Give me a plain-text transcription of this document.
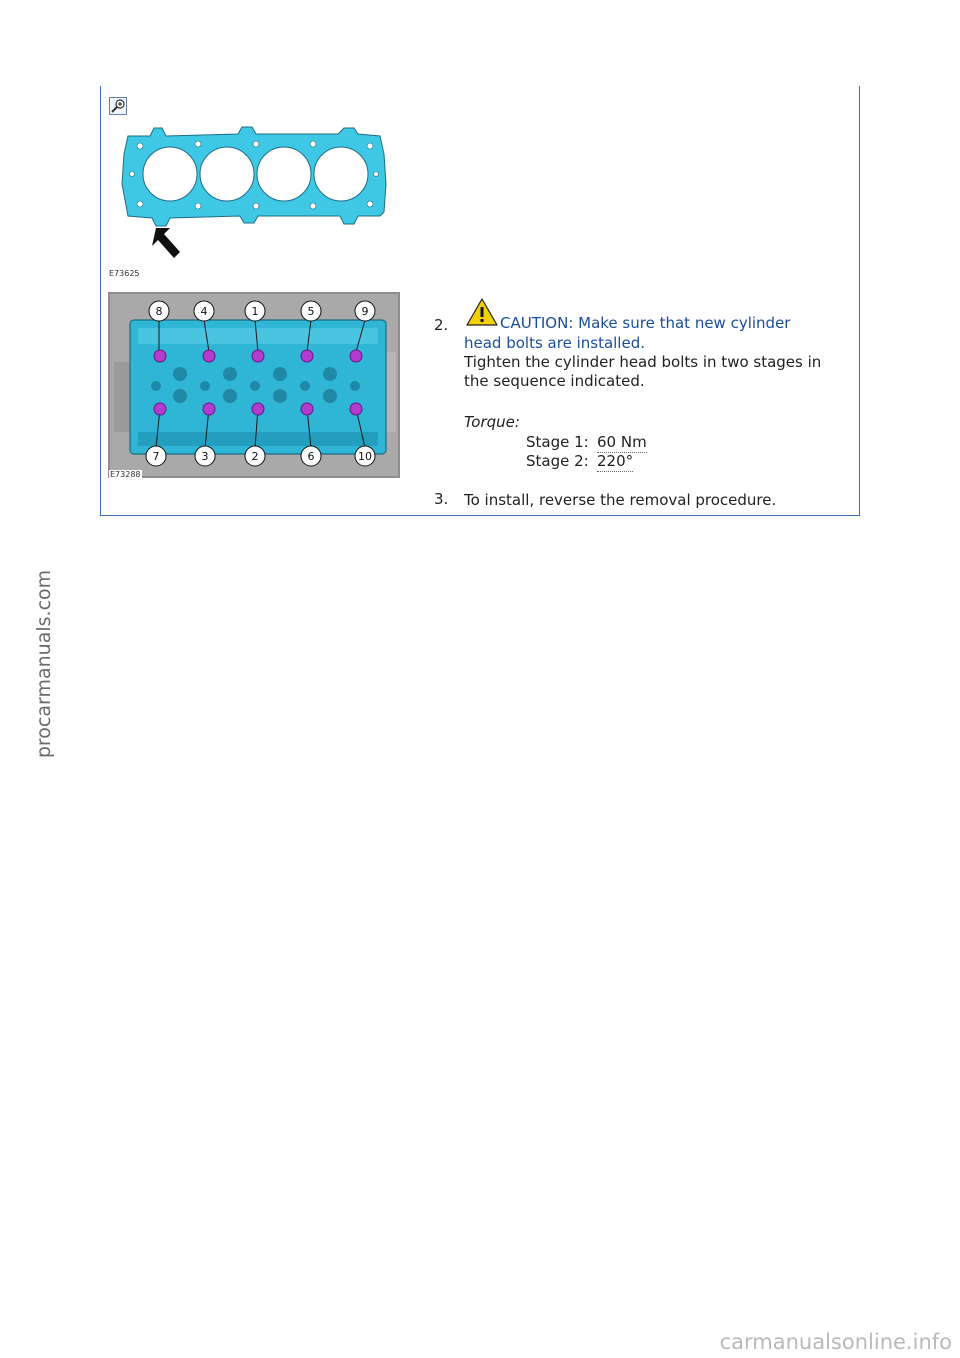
E73625
8	4	1	5	9
7	3	2	6	10
E73288
2.	CAUTION: Make sure that new cylinder
head bolts are installed.
Tighten the cylinder head bolts in two stages in
the sequence indicated.
Torque:
Stage 1: 60 Nm
Stage 2: 220°
3. To install, reverse the removal procedure.
procarmanuals.com
carmanualsonline.info
